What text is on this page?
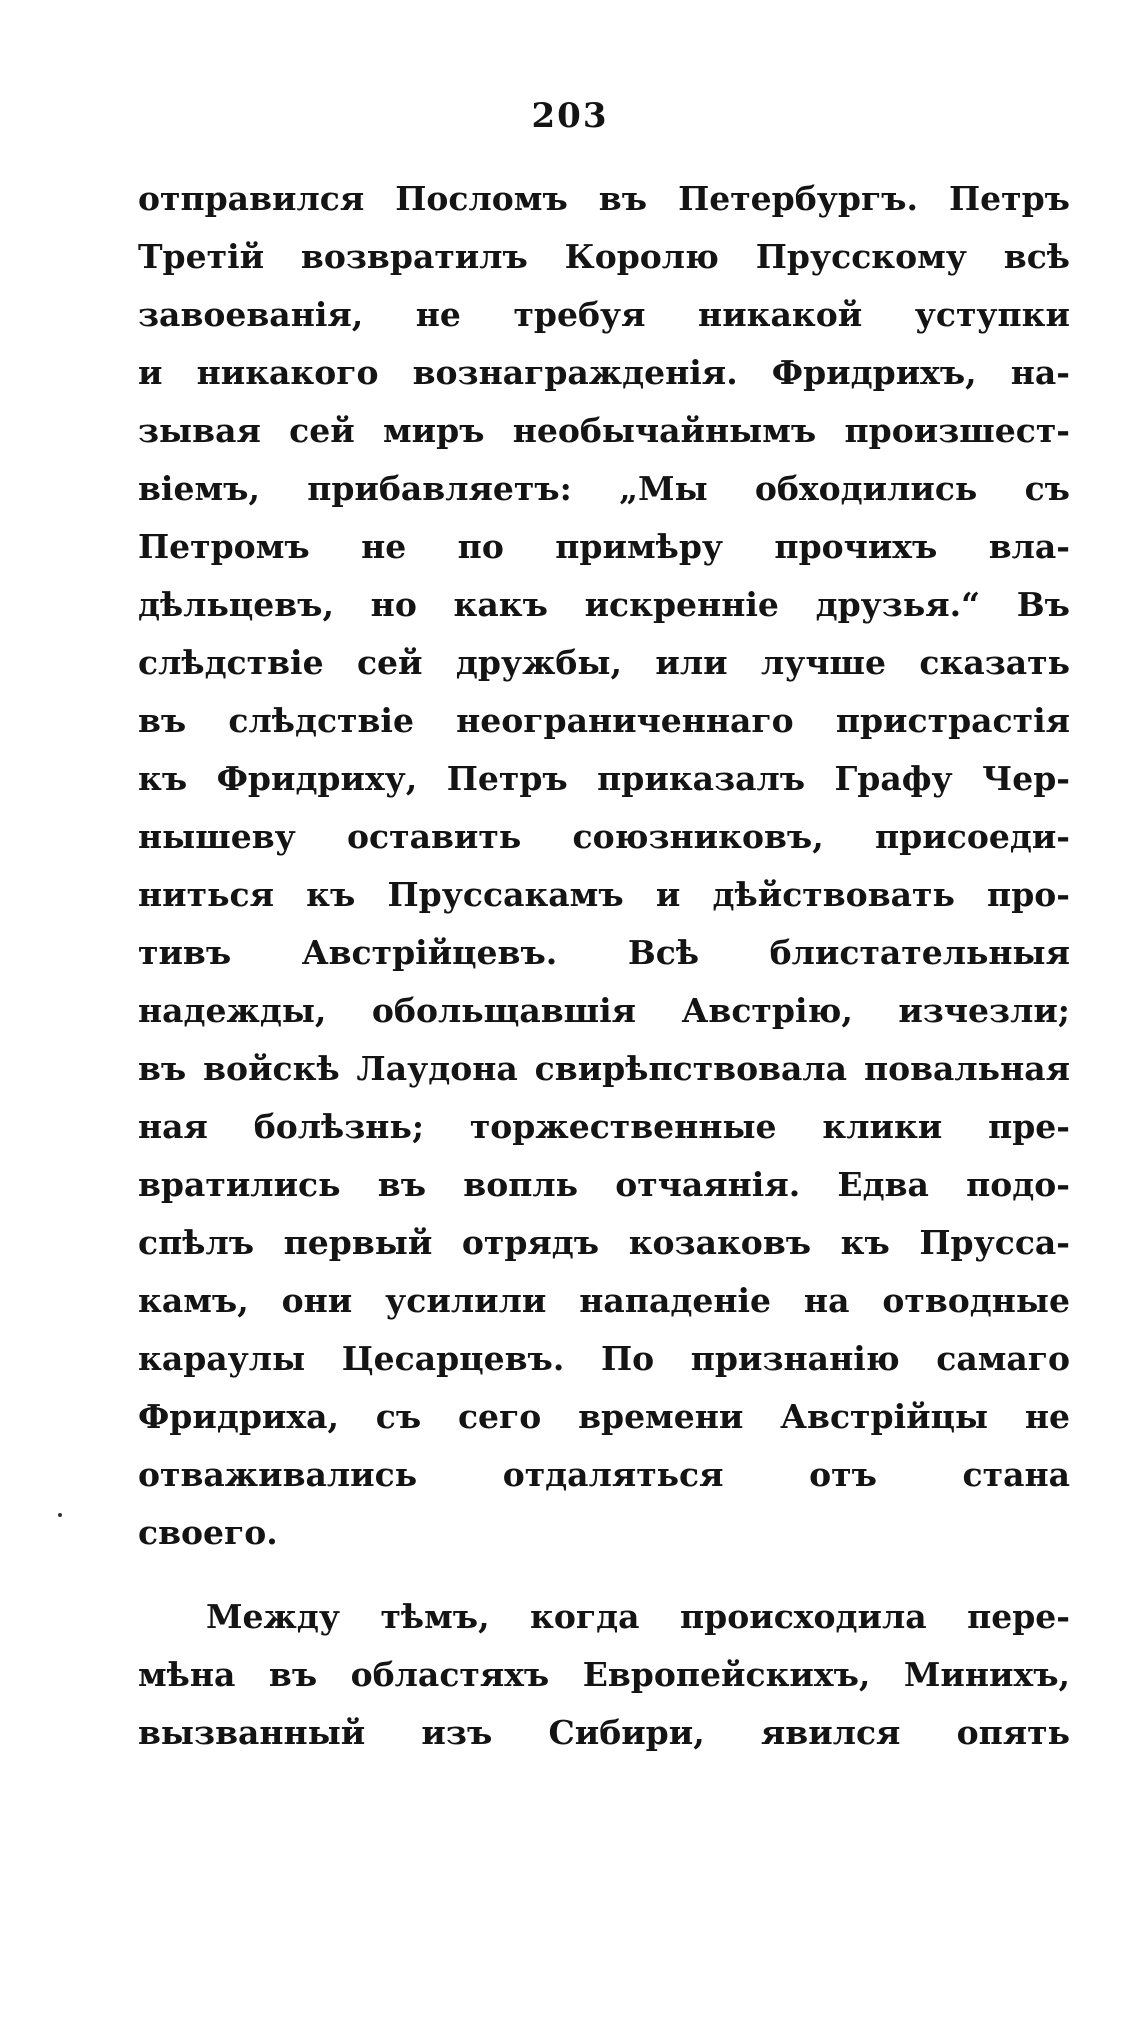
203
отправился Посломъ въ Петербургъ. Петръ
Третій возвратилъ Королю Прусскому всѣ
завоеванія, не требуя никакой уступки
и никакого вознагражденія. Фридрихъ, на-
зывая сей миръ необычайнымъ произшест-
віемъ, прибавляетъ: „Мы обходились съ
Петромъ не по примѣру прочихъ вла-
дѣльцевъ, но какъ искренніе друзья.“ Въ
слѣдствіе сей дружбы, или лучше сказать
въ слѣдствіе неограниченнаго пристрастія
къ Фридриху, Петръ приказалъ Графу Чер-
нышеву оставить союзниковъ, присоеди-
ниться къ Пруссакамъ и дѣйствовать про-
тивъ Австрійцевъ. Всѣ блистательныя
надежды, обольщавшія Австрію, изчезли;
въ войскѣ Лаудона свирѣпствовала повальная
ная болѣзнь; торжественные клики пре-
вратились въ вопль отчаянія. Едва подо-
спѣлъ первый отрядъ козаковъ къ Прусса-
камъ, они усилили нападеніе на отводные
караулы Цесарцевъ. По признанію самаго
Фридриха, съ сего времени Австрійцы не
отваживались отдаляться отъ стана
своего.
Между тѣмъ, когда происходила пере-
мѣна въ областяхъ Европейскихъ, Минихъ,
вызванный изъ Сибири, явился опять
